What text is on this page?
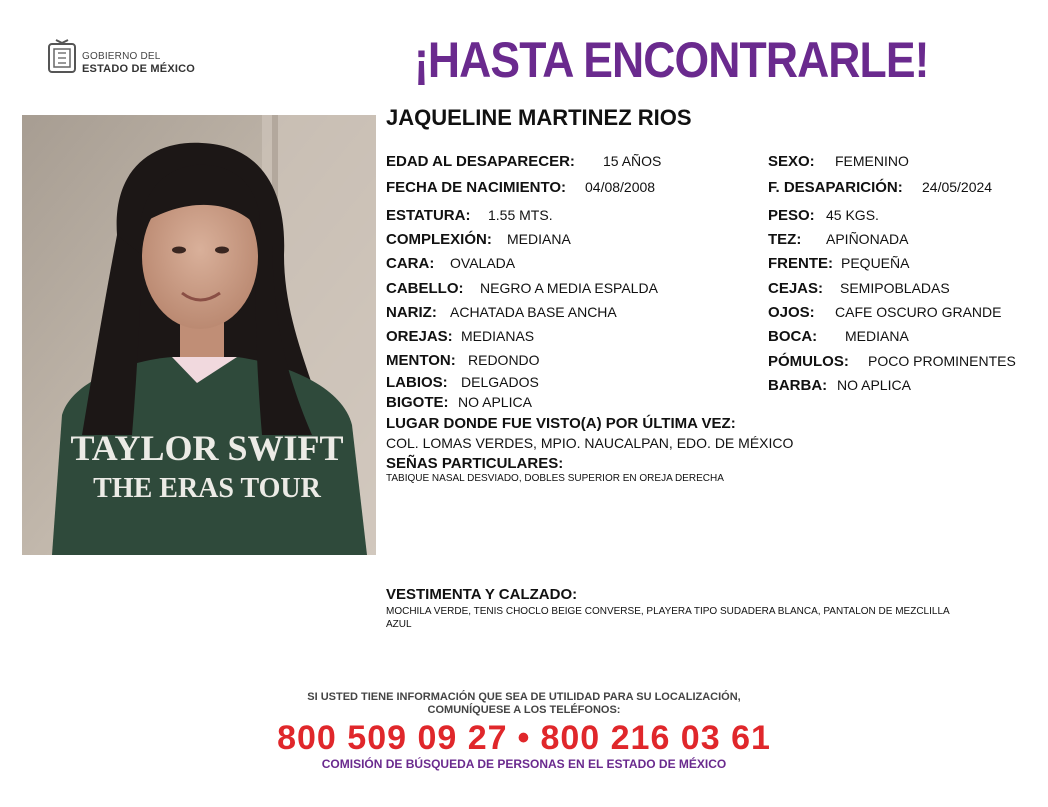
GOBIERNO DEL
ESTADO DE MÉXICO	¡HASTA ENCONTRARLE!
JAQUELINE MARTINEZ RIOS
TAYLOR SWIFT
THE ERAS TOUR
EDAD AL DESAPARECER: 15 AÑOS
FECHA DE NACIMIENTO: 04/08/2008
ESTATURA: 1.55 MTS.
COMPLEXIÓN: MEDIANA
CARA: OVALADA
CABELLO: NEGRO A MEDIA ESPALDA
NARIZ: ACHATADA BASE ANCHA
OREJAS: MEDIANAS
MENTON: REDONDO
LABIOS: DELGADOS
BIGOTE: NO APLICA
SEXO: FEMENINO
F. DESAPARICIÓN: 24/05/2024
PESO: 45 KGS.
TEZ: APIÑONADA
FRENTE: PEQUEÑA
CEJAS: SEMIPOBLADAS
OJOS: CAFE OSCURO GRANDE
BOCA: MEDIANA
PÓMULOS: POCO PROMINENTES
BARBA: NO APLICA
LUGAR DONDE FUE VISTO(A) POR ÚLTIMA VEZ:
COL. LOMAS VERDES, MPIO. NAUCALPAN, EDO. DE MÉXICO
SEÑAS PARTICULARES:
TABIQUE NASAL DESVIADO, DOBLES SUPERIOR EN OREJA DERECHA
VESTIMENTA Y CALZADO:
MOCHILA VERDE, TENIS CHOCLO BEIGE CONVERSE, PLAYERA TIPO SUDADERA BLANCA, PANTALON DE MEZCLILLA
AZUL
SI USTED TIENE INFORMACIÓN QUE SEA DE UTILIDAD PARA SU LOCALIZACIÓN,
COMUNÍQUESE A LOS TELÉFONOS:
800 509 09 27 • 800 216 03 61
COMISIÓN DE BÚSQUEDA DE PERSONAS EN EL ESTADO DE MÉXICO
